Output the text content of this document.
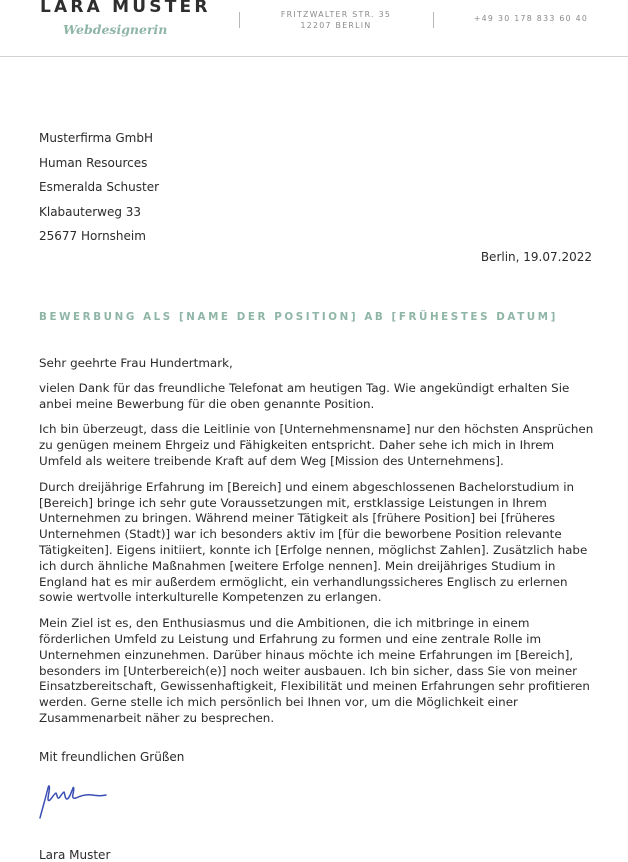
LARA MUSTER
Webdesignerin
FRITZWALTER STR. 35
12207 BERLIN
+49 30 178 833 60 40
Musterfirma GmbH
Human Resources
Esmeralda Schuster
Klabauterweg 33
25677 Hornsheim
Berlin, 19.07.2022
BEWERBUNG ALS [NAME DER POSITION] AB [FRÜHESTES DATUM]

Sehr geehrte Frau Hundertmark,

vielen Dank für das freundliche Telefonat am heutigen Tag. Wie angekündigt erhalten Sie anbei meine Bewerbung für die oben genannte Position.

Ich bin überzeugt, dass die Leitlinie von [Unternehmensname] nur den höchsten Ansprüchen zu genügen meinem Ehrgeiz und Fähigkeiten entspricht. Daher sehe ich mich in Ihrem Umfeld als weitere treibende Kraft auf dem Weg [Mission des Unternehmens].

Durch dreijährige Erfahrung im [Bereich] und einem abgeschlossenen Bachelorstudium in [Bereich] bringe ich sehr gute Voraussetzungen mit, erstklassige Leistungen in Ihrem Unternehmen zu bringen. Während meiner Tätigkeit als [frühere Position] bei [früheres Unternehmen (Stadt)] war ich besonders aktiv im [für die beworbene Position relevante Tätigkeiten]. Eigens initiiert, konnte ich [Erfolge nennen, möglichst Zahlen]. Zusätzlich habe ich durch ähnliche Maßnahmen [weitere Erfolge nennen]. Mein dreijähriges Studium in England hat es mir außerdem ermöglicht, ein verhandlungssicheres Englisch zu erlernen sowie wertvolle interkulturelle Kompetenzen zu erlangen.

Mein Ziel ist es, den Enthusiasmus und die Ambitionen, die ich mitbringe in einem förderlichen Umfeld zu Leistung und Erfahrung zu formen und eine zentrale Rolle im Unternehmen einzunehmen. Darüber hinaus möchte ich meine Erfahrungen im [Bereich], besonders im [Unterbereich(e)] noch weiter ausbauen. Ich bin sicher, dass Sie von meiner Einsatzbereitschaft, Gewissenhaftigkeit, Flexibilität und meinen Erfahrungen sehr profitieren werden. Gerne stelle ich mich persönlich bei Ihnen vor, um die Möglichkeit einer Zusammenarbeit näher zu besprechen.

Mit freundlichen Grüßen
Lara Muster
